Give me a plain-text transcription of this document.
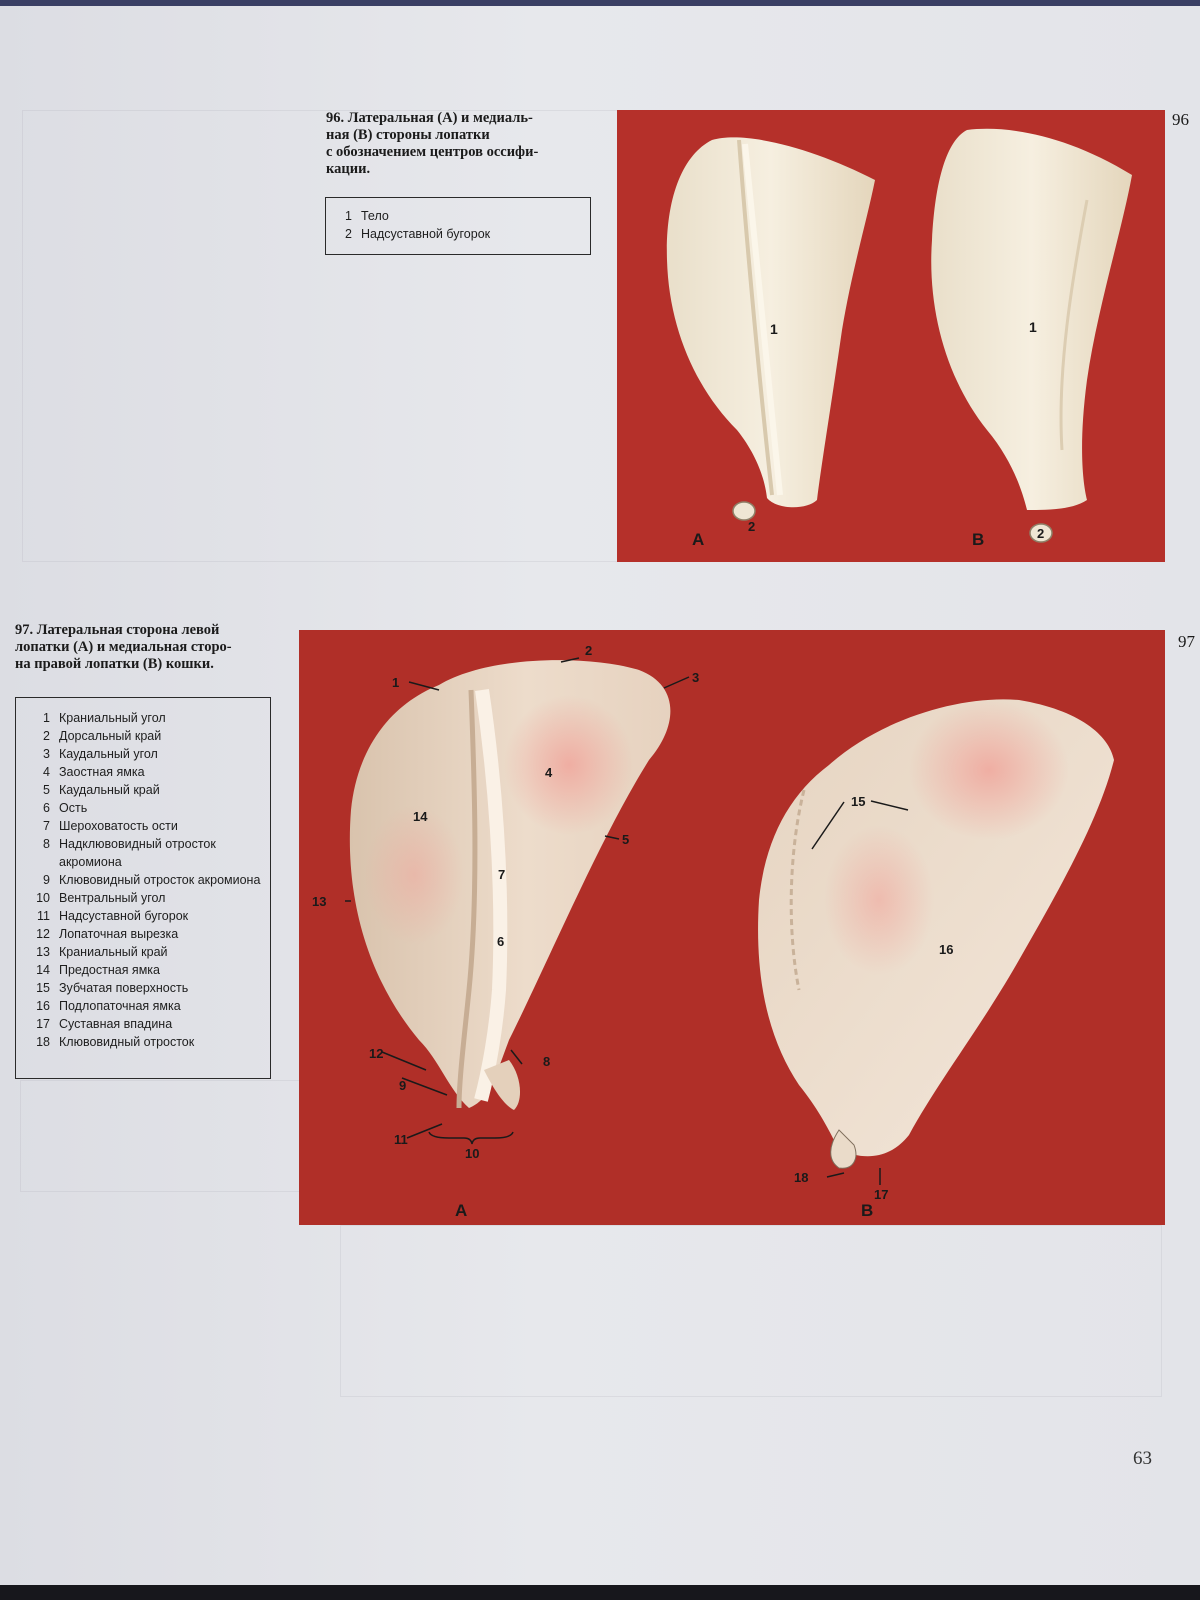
96. Латеральная (А) и медиаль-
ная (В) стороны лопатки
с обозначением центров оссифи-
кации.
1 Тело
2 Надсуставной бугорок
96
1
2
1
2
A	B
97. Латеральная сторона левой
лопатки (А) и медиальная сторо-
на правой лопатки (В) кошки.
1 Краниальный угол
2 Дорсальный край
3 Каудальный угол
4 Заостная ямка
5 Каудальный край
6 Ость
7 Шероховатость ости
8 Надклювовидный отросток акромиона
9 Клювовидный отросток акромиона
10 Вентральный угол
11 Надсуставной бугорок
12 Лопаточная вырезка
13 Краниальный край
14 Предостная ямка
15 Зубчатая поверхность
16 Подлопаточная ямка
17 Суставная впадина
18 Клювовидный отросток
97
1
2
3
4
5
6
7
8
9
10
11
12
13
14
15
16
17
18
A	B
63
